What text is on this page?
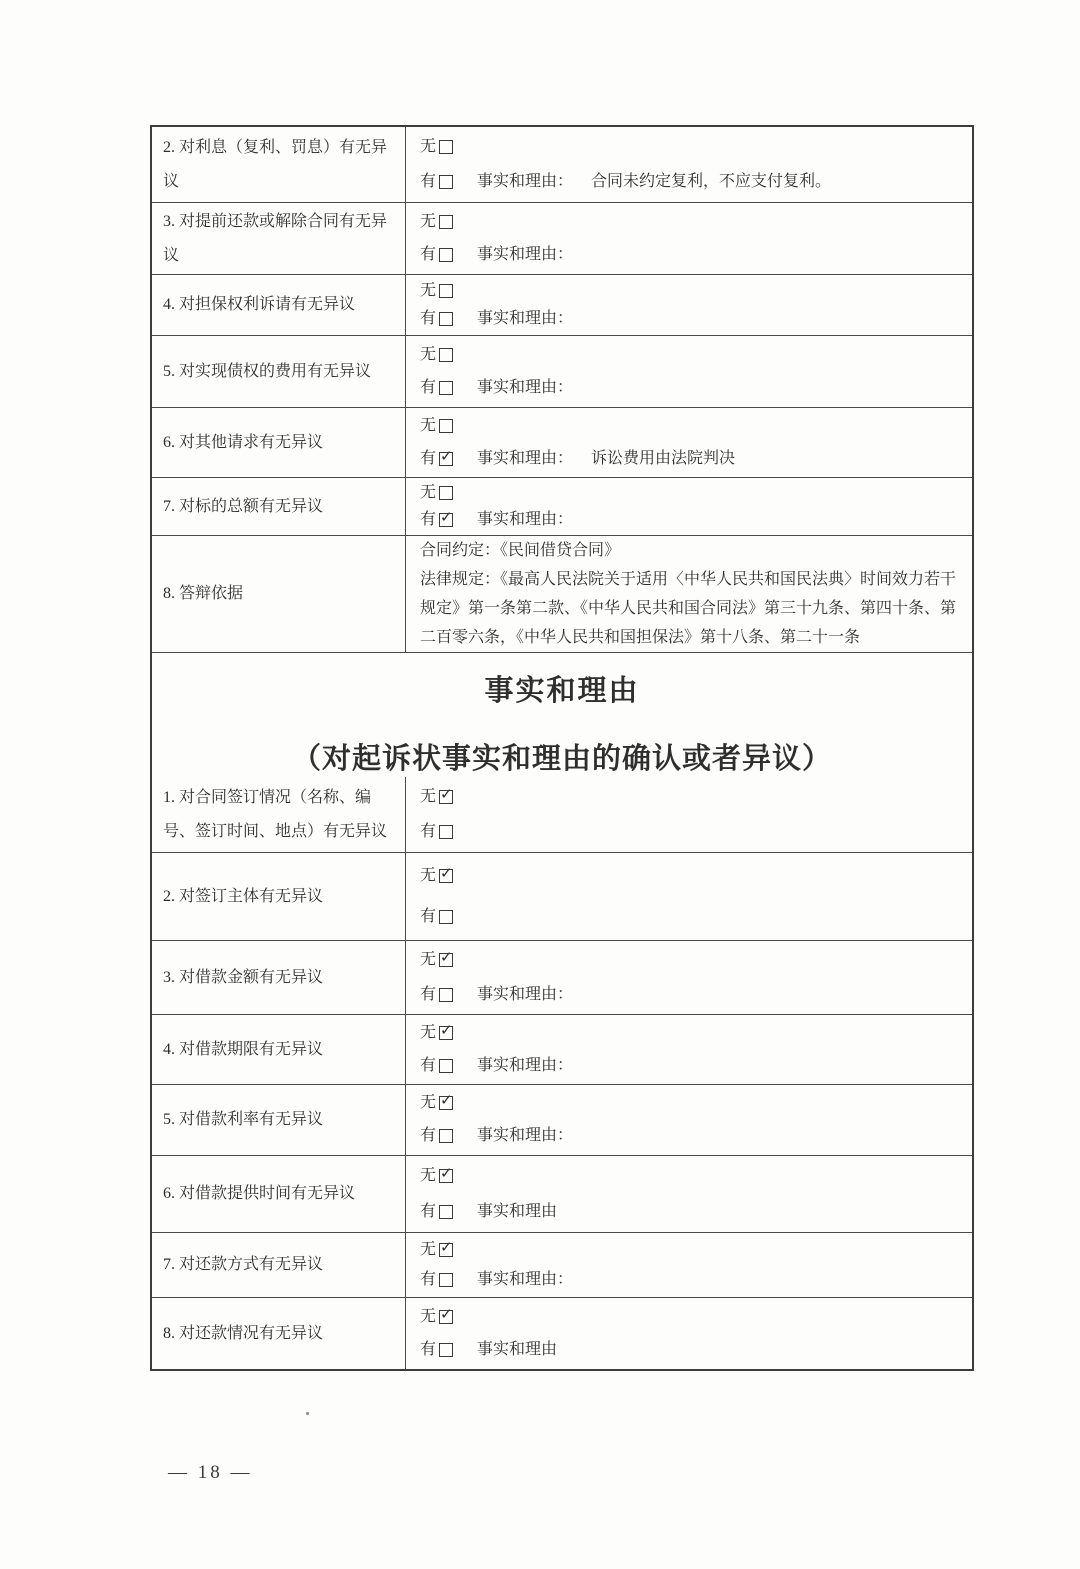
2. 对利息（复利、罚息）有无异议
无
有	事实和理由： 合同未约定复利，不应支付复利。
3. 对提前还款或解除合同有无异议
无
有	事实和理由：
4. 对担保权利诉请有无异议
无
有	事实和理由：
5. 对实现债权的费用有无异议
无
有	事实和理由：
6. 对其他请求有无异议
无
有 ✓ 事实和理由： 诉讼费用由法院判决
7. 对标的总额有无异议
无
有 ✓ 事实和理由：
8. 答辩依据

合同约定：《民间借贷合同》

法律规定：《最高人民法院关于适用〈中华人民共和国民法典〉时间效力若干

规定》第一条第二款、《中华人民共和国合同法》第三十九条、第四十条、第

二百零六条，《中华人民共和国担保法》第十八条、第二十一条

事实和理由
（对起诉状事实和理由的确认或者异议）
1. 对合同签订情况（名称、编号、签订时间、地点）有无异议
无 ✓
有
2. 对签订主体有无异议
无 ✓
有
3. 对借款金额有无异议
无 ✓
有	事实和理由：
4. 对借款期限有无异议
无 ✓
有	事实和理由：
5. 对借款利率有无异议
无 ✓
有	事实和理由：
6. 对借款提供时间有无异议
无 ✓
有	事实和理由
7. 对还款方式有无异议
无 ✓
有	事实和理由：
8. 对还款情况有无异议
无 ✓
有	事实和理由
— 18 —
